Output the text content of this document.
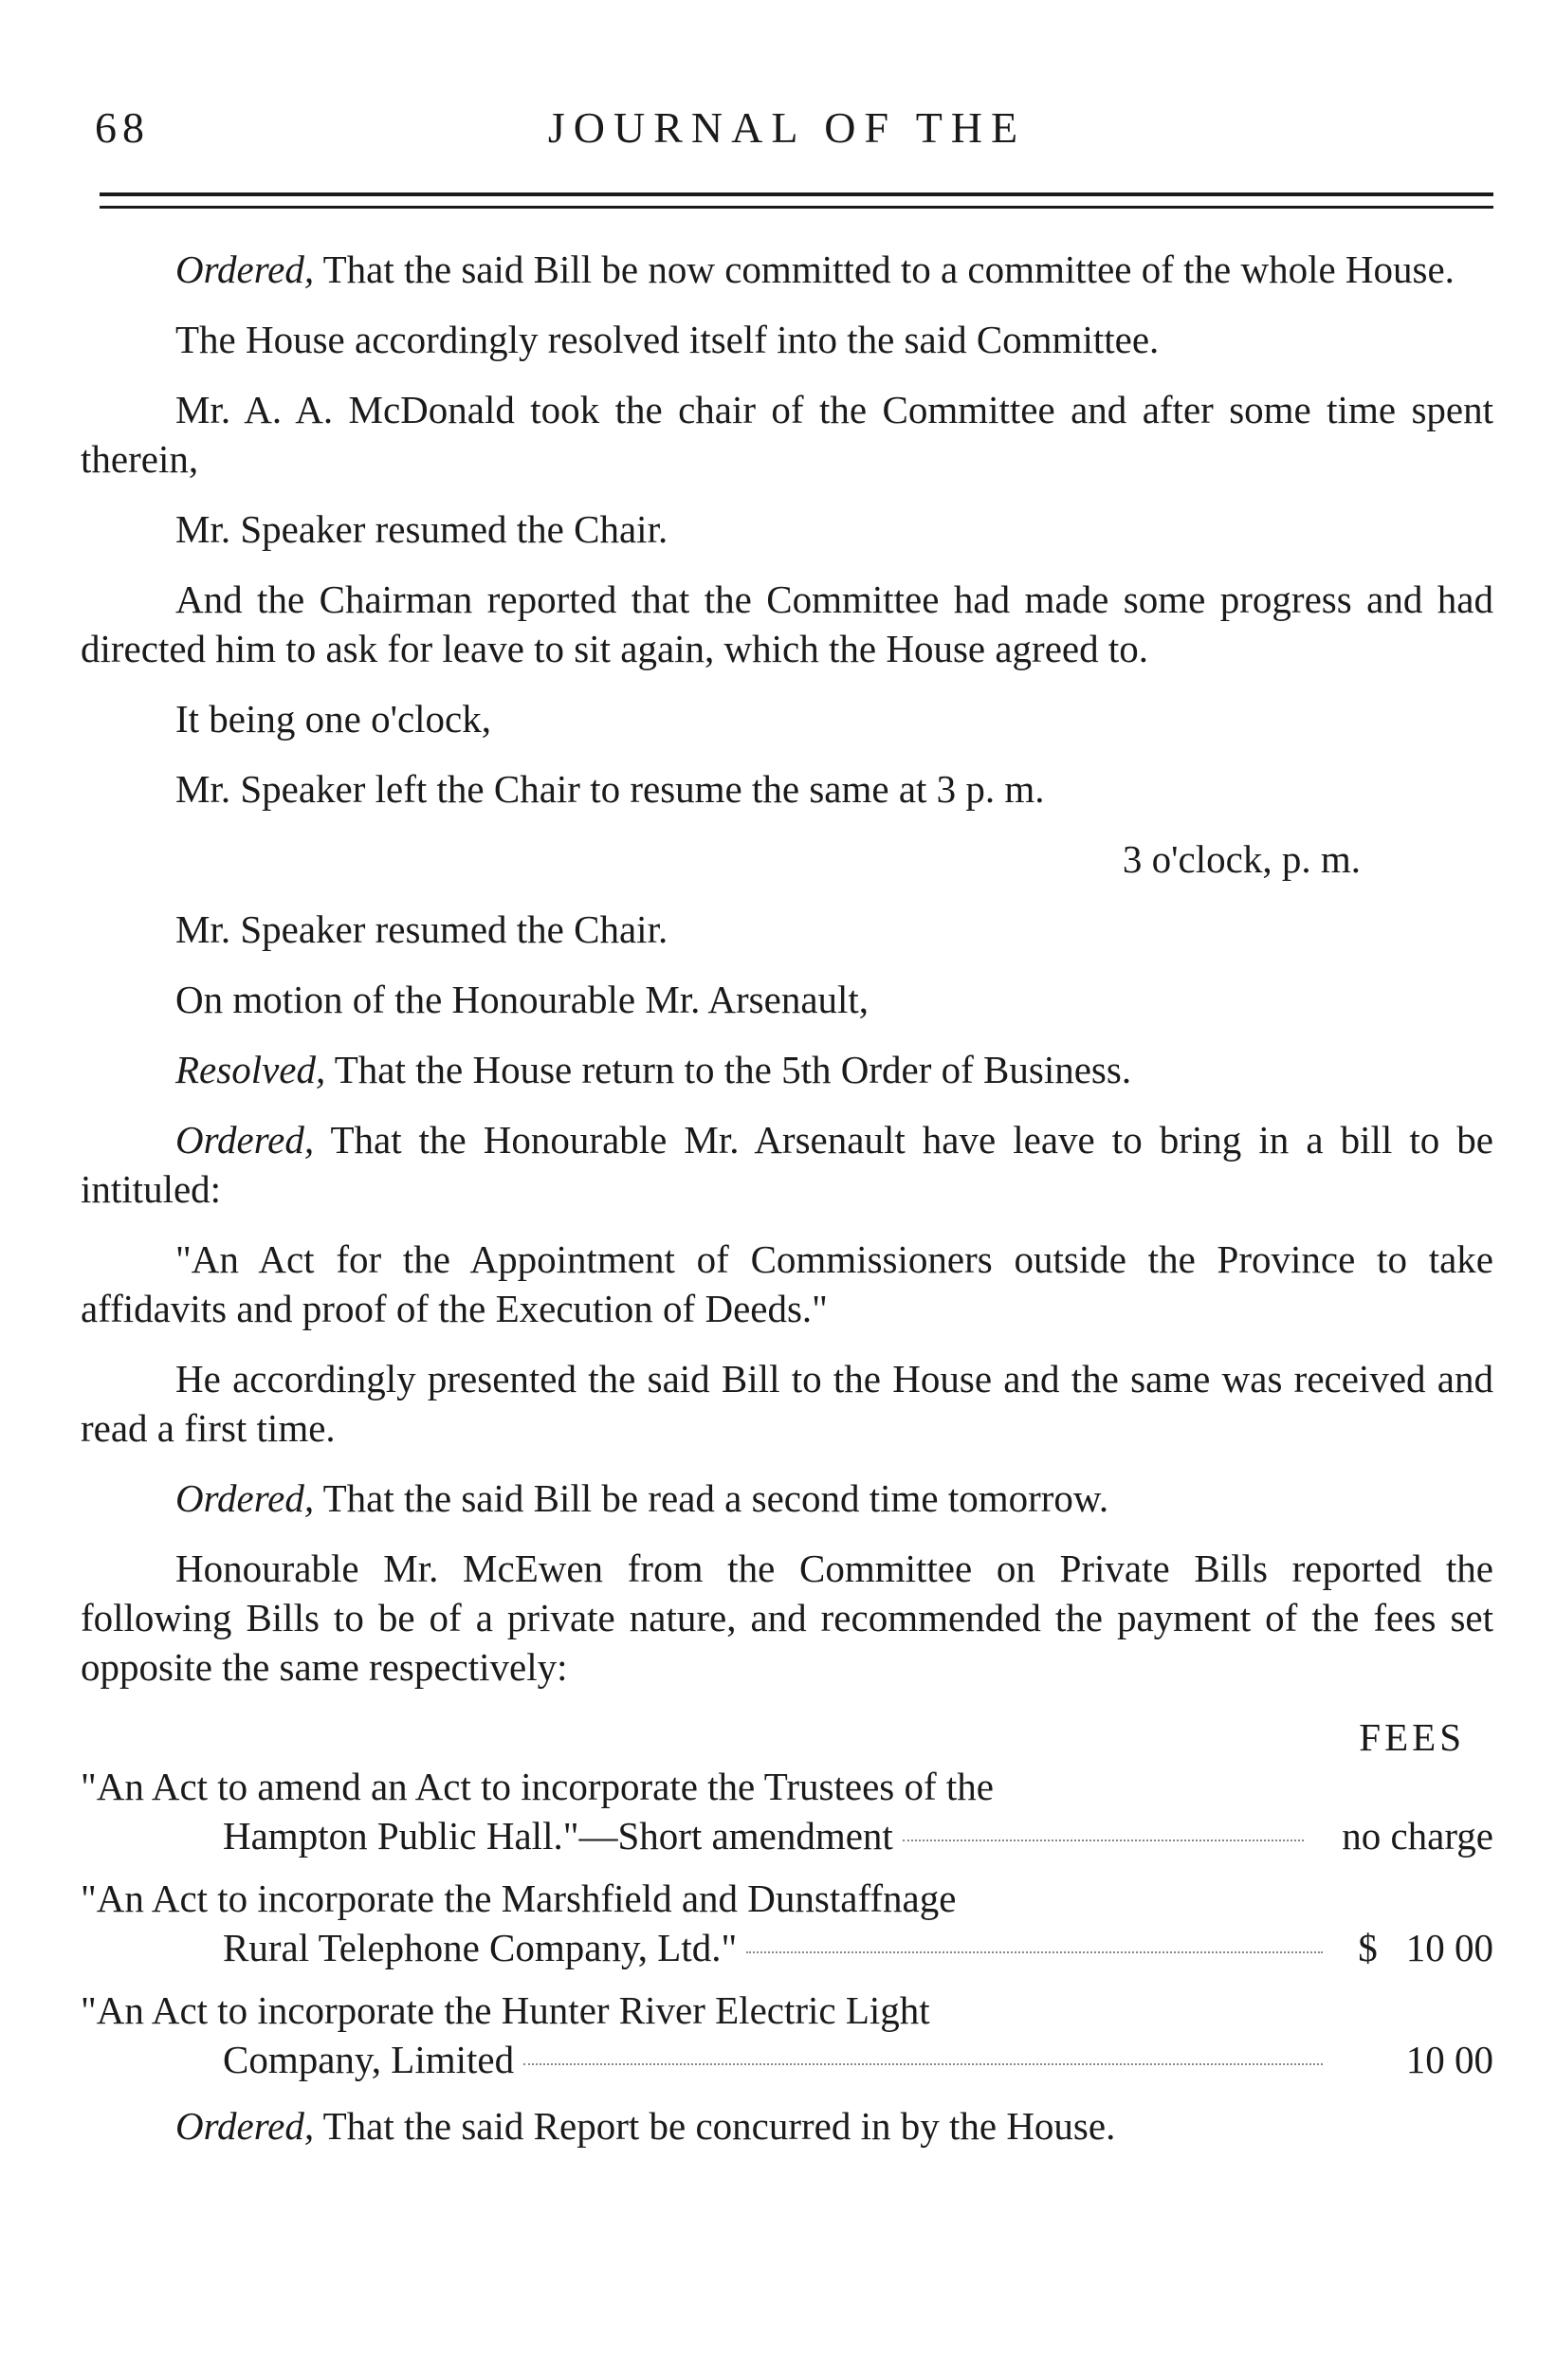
68	JOURNAL OF THE

Ordered, That the said Bill be now committed to a committee of the whole House.

The House accordingly resolved itself into the said Committee.

Mr. A. A. McDonald took the chair of the Committee and after some time spent therein,

Mr. Speaker resumed the Chair.

And the Chairman reported that the Committee had made some progress and had directed him to ask for leave to sit again, which the House agreed to.

It being one o'clock,

Mr. Speaker left the Chair to resume the same at 3 p. m.

3 o'clock, p. m.

Mr. Speaker resumed the Chair.

On motion of the Honourable Mr. Arsenault,

Resolved, That the House return to the 5th Order of Business.

Ordered, That the Honourable Mr. Arsenault have leave to bring in a bill to be intituled:

"An Act for the Appointment of Commissioners outside the Province to take affidavits and proof of the Execution of Deeds."

He accordingly presented the said Bill to the House and the same was received and read a first time.

Ordered, That the said Bill be read a second time tomorrow.

Honourable Mr. McEwen from the Committee on Private Bills reported the following Bills to be of a private nature, and recommended the payment of the fees set opposite the same respectively:

FEES
"An Act to amend an Act to incorporate the Trustees of the
Hampton Public Hall."—Short amendment	no charge
"An Act to incorporate the Marshfield and Dunstaffnage
Rural Telephone Company, Ltd."	$ 10 00
"An Act to incorporate the Hunter River Electric Light
Company, Limited	10 00

Ordered, That the said Report be concurred in by the House.
